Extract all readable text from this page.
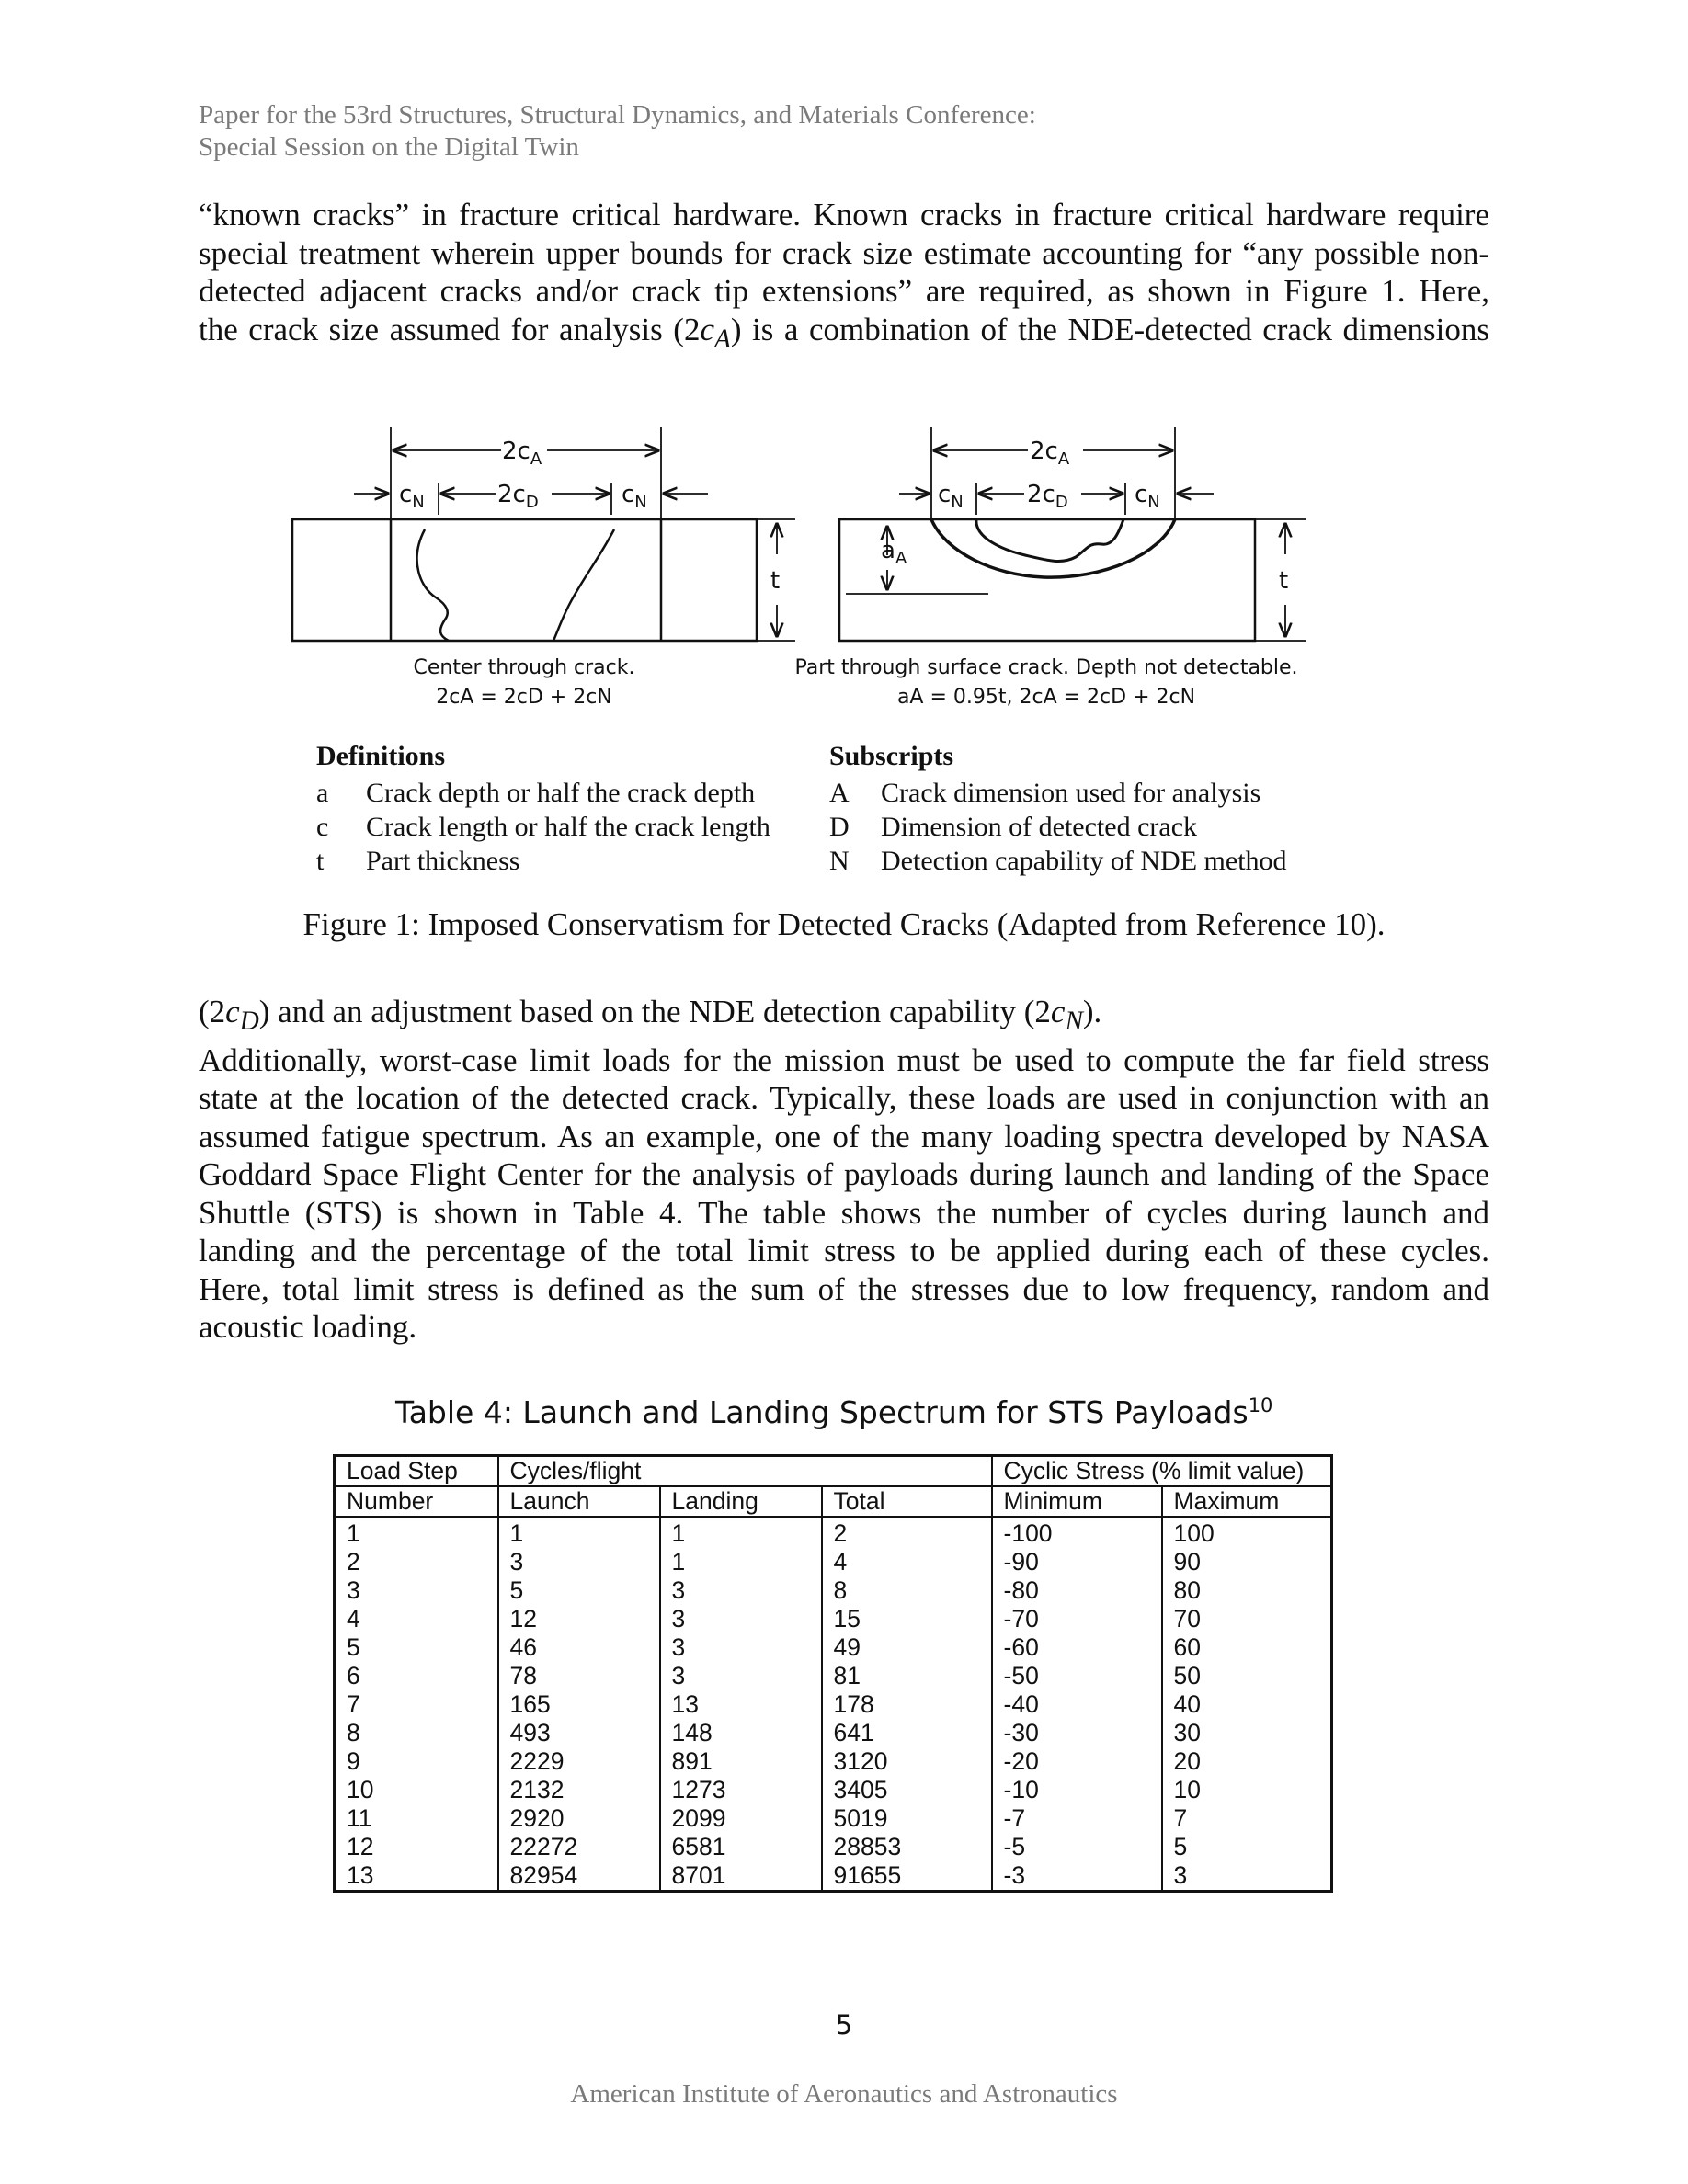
Paper for the 53rd Structures, Structural Dynamics, and Materials Conference:
Special Session on the Digital Twin
“known cracks” in fracture critical hardware. Known cracks in fracture critical hardware require
special treatment wherein upper bounds for crack size estimate accounting for “any possible non-
detected adjacent cracks and/or crack tip extensions” are required, as shown in Figure 1. Here,
the crack size assumed for analysis $(2c_A)$ is a combination of the NDE-detected crack dimensions
$2c_A$
$2c_D$
$c_N$	$c_N$
t
Center through crack.
2cA = 2cD + 2cN
$2c_A$
$2c_D$
$c_N$	$c_N$
$a_A$
t
Part through surface crack. Depth not detectable.
aA = 0.95t, 2cA = 2cD + 2cN
Definitions
a Crack depth or half the crack depth
c Crack length or half the crack length
t Part thickness
Subscripts
A Crack dimension used for analysis
D Dimension of detected crack
N Detection capability of NDE method
Figure 1: Imposed Conservatism for Detected Cracks (Adapted from Reference 10).
$(2c_D)$ and an adjustment based on the NDE detection capability $(2c_N)$.
Additionally, worst-case limit loads for the mission must be used to compute the far field stress
state at the location of the detected crack. Typically, these loads are used in conjunction with an
assumed fatigue spectrum. As an example, one of the many loading spectra developed by NASA
Goddard Space Flight Center for the analysis of payloads during launch and landing of the Space
Shuttle (STS) is shown in Table 4. The table shows the number of cycles during launch and
landing and the percentage of the total limit stress to be applied during each of these cycles.
Here, total limit stress is defined as the sum of the stresses due to low frequency, random and
acoustic loading.
Table 4: Launch and Landing Spectrum for STS Payloads$^{10}$
Load Step	Cycles/flight			Cyclic Stress (% limit value)	
Number	Launch	Landing	Total	Minimum	Maximum
1	1	1	2	-100	100
2	3	1	4	-90	90
3	5	3	8	-80	80
4	12	3	15	-70	70
5	46	3	49	-60	60
6	78	3	81	-50	50
7	165	13	178	-40	40
8	493	148	641	-30	30
9	2229	891	3120	-20	20
10	2132	1273	3405	-10	10
11	2920	2099	5019	-7	7
12	22272	6581	28853	-5	5
13	82954	8701	91655	-3	3
5
American Institute of Aeronautics and Astronautics
